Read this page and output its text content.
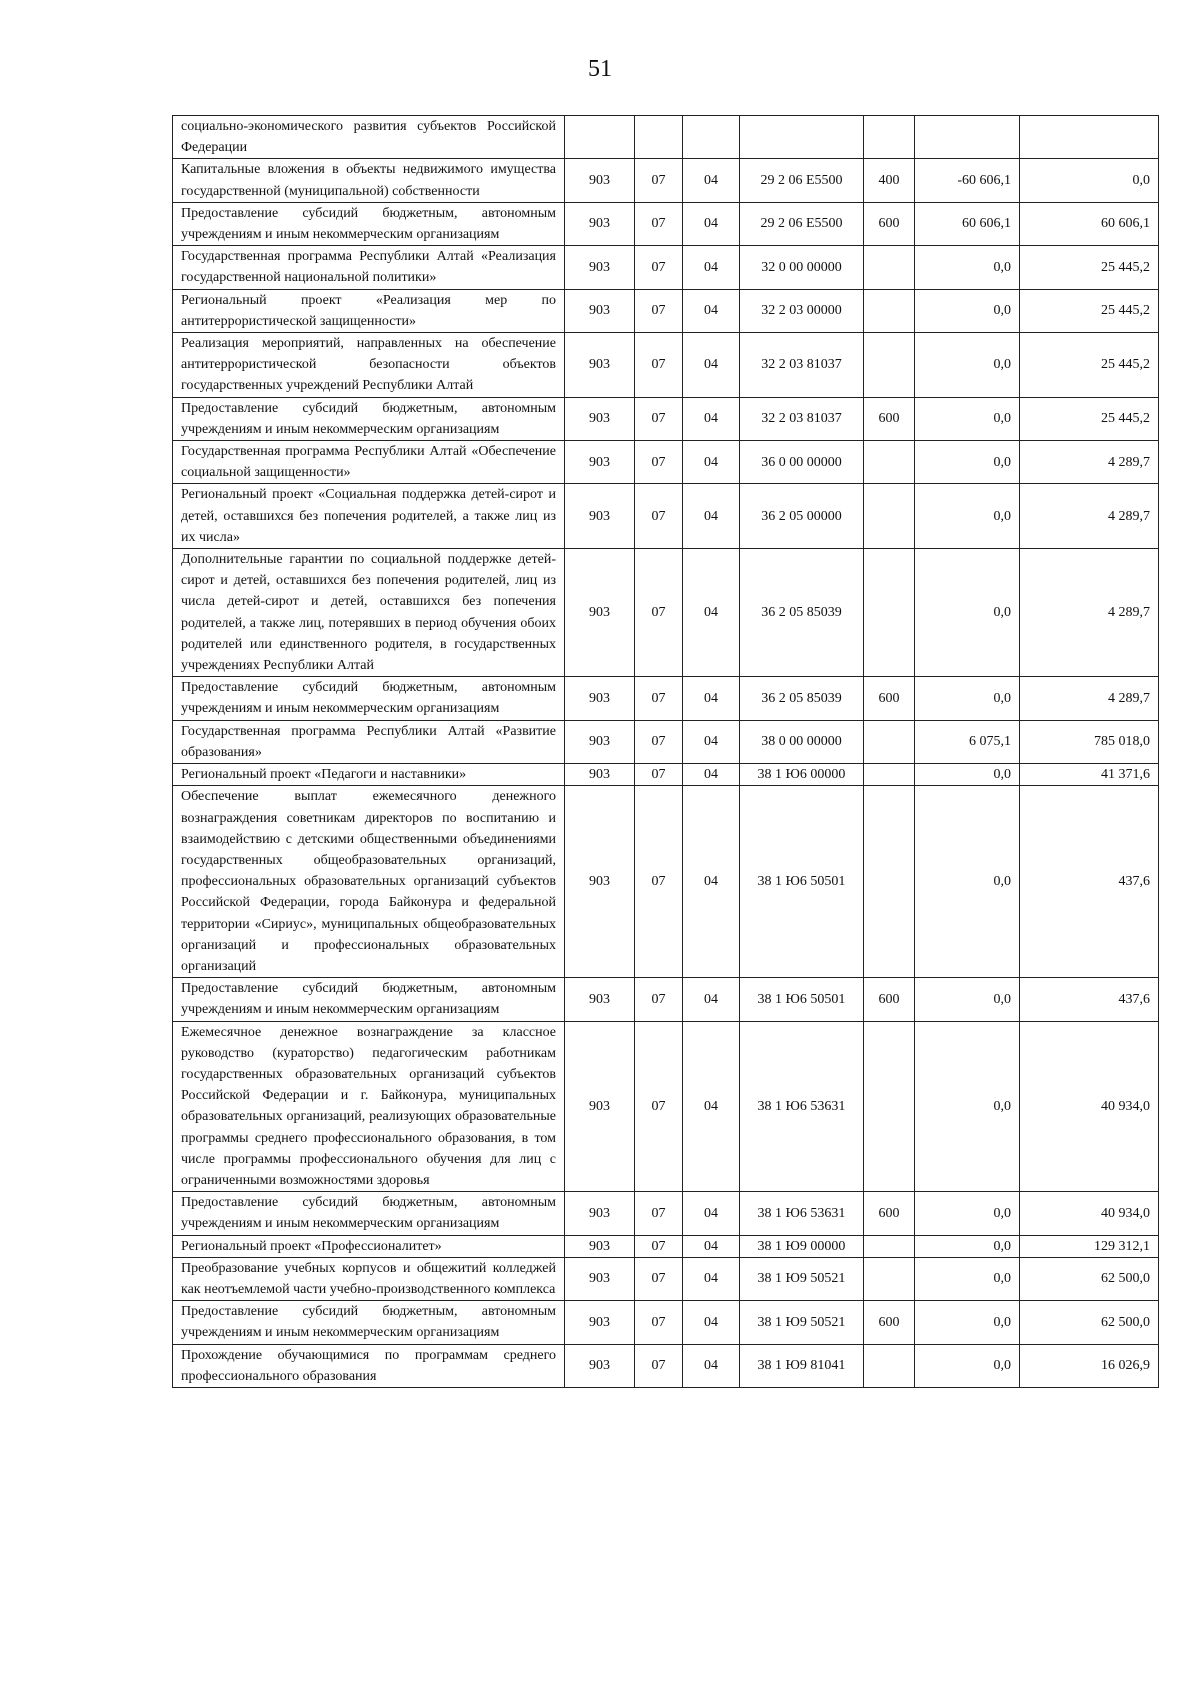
51
социально-экономического развития субъектов Российской Федерации							
Капитальные вложения в объекты недвижимого имущества государственной (муниципальной) собственности	903	07	04	29 2 06 Е5500	400	-60 606,1	0,0
Предоставление субсидий бюджетным, автономным учреждениям и иным некоммерческим организациям	903	07	04	29 2 06 Е5500	600	60 606,1	60 606,1
Государственная программа Республики Алтай «Реализация государственной национальной политики»	903	07	04	32 0 00 00000		0,0	25 445,2
Региональный проект «Реализация мер по антитеррористической защищенности»	903	07	04	32 2 03 00000		0,0	25 445,2
Реализация мероприятий, направленных на обеспечение антитеррористической безопасности объектов государственных учреждений Республики Алтай	903	07	04	32 2 03 81037		0,0	25 445,2
Предоставление субсидий бюджетным, автономным учреждениям и иным некоммерческим организациям	903	07	04	32 2 03 81037	600	0,0	25 445,2
Государственная программа Республики Алтай «Обеспечение социальной защищенности»	903	07	04	36 0 00 00000		0,0	4 289,7
Региональный проект «Социальная поддержка детей-сирот и детей, оставшихся без попечения родителей, а также лиц из их числа»	903	07	04	36 2 05 00000		0,0	4 289,7
Дополнительные гарантии по социальной поддержке детей-сирот и детей, оставшихся без попечения родителей, лиц из числа детей-сирот и детей, оставшихся без попечения родителей, а также лиц, потерявших в период обучения обоих родителей или единственного родителя, в государственных учреждениях Республики Алтай	903	07	04	36 2 05 85039		0,0	4 289,7
Предоставление субсидий бюджетным, автономным учреждениям и иным некоммерческим организациям	903	07	04	36 2 05 85039	600	0,0	4 289,7
Государственная программа Республики Алтай «Развитие образования»	903	07	04	38 0 00 00000		6 075,1	785 018,0
Региональный проект «Педагоги и наставники»	903	07	04	38 1 Ю6 00000		0,0	41 371,6
Обеспечение выплат ежемесячного денежного вознаграждения советникам директоров по воспитанию и взаимодействию с детскими общественными объединениями государственных общеобразовательных организаций, профессиональных образовательных организаций субъектов Российской Федерации, города Байконура и федеральной территории «Сириус», муниципальных общеобразовательных организаций и профессиональных образовательных организаций	903	07	04	38 1 Ю6 50501		0,0	437,6
Предоставление субсидий бюджетным, автономным учреждениям и иным некоммерческим организациям	903	07	04	38 1 Ю6 50501	600	0,0	437,6
Ежемесячное денежное вознаграждение за классное руководство (кураторство) педагогическим работникам государственных образовательных организаций субъектов Российской Федерации и г. Байконура, муниципальных образовательных организаций, реализующих образовательные программы среднего профессионального образования, в том числе программы профессионального обучения для лиц с ограниченными возможностями здоровья	903	07	04	38 1 Ю6 53631		0,0	40 934,0
Предоставление субсидий бюджетным, автономным учреждениям и иным некоммерческим организациям	903	07	04	38 1 Ю6 53631	600	0,0	40 934,0
Региональный проект «Профессионалитет»	903	07	04	38 1 Ю9 00000		0,0	129 312,1
Преобразование учебных корпусов и общежитий колледжей как неотъемлемой части учебно-производственного комплекса	903	07	04	38 1 Ю9 50521		0,0	62 500,0
Предоставление субсидий бюджетным, автономным учреждениям и иным некоммерческим организациям	903	07	04	38 1 Ю9 50521	600	0,0	62 500,0
Прохождение обучающимися по программам среднего профессионального образования	903	07	04	38 1 Ю9 81041		0,0	16 026,9
